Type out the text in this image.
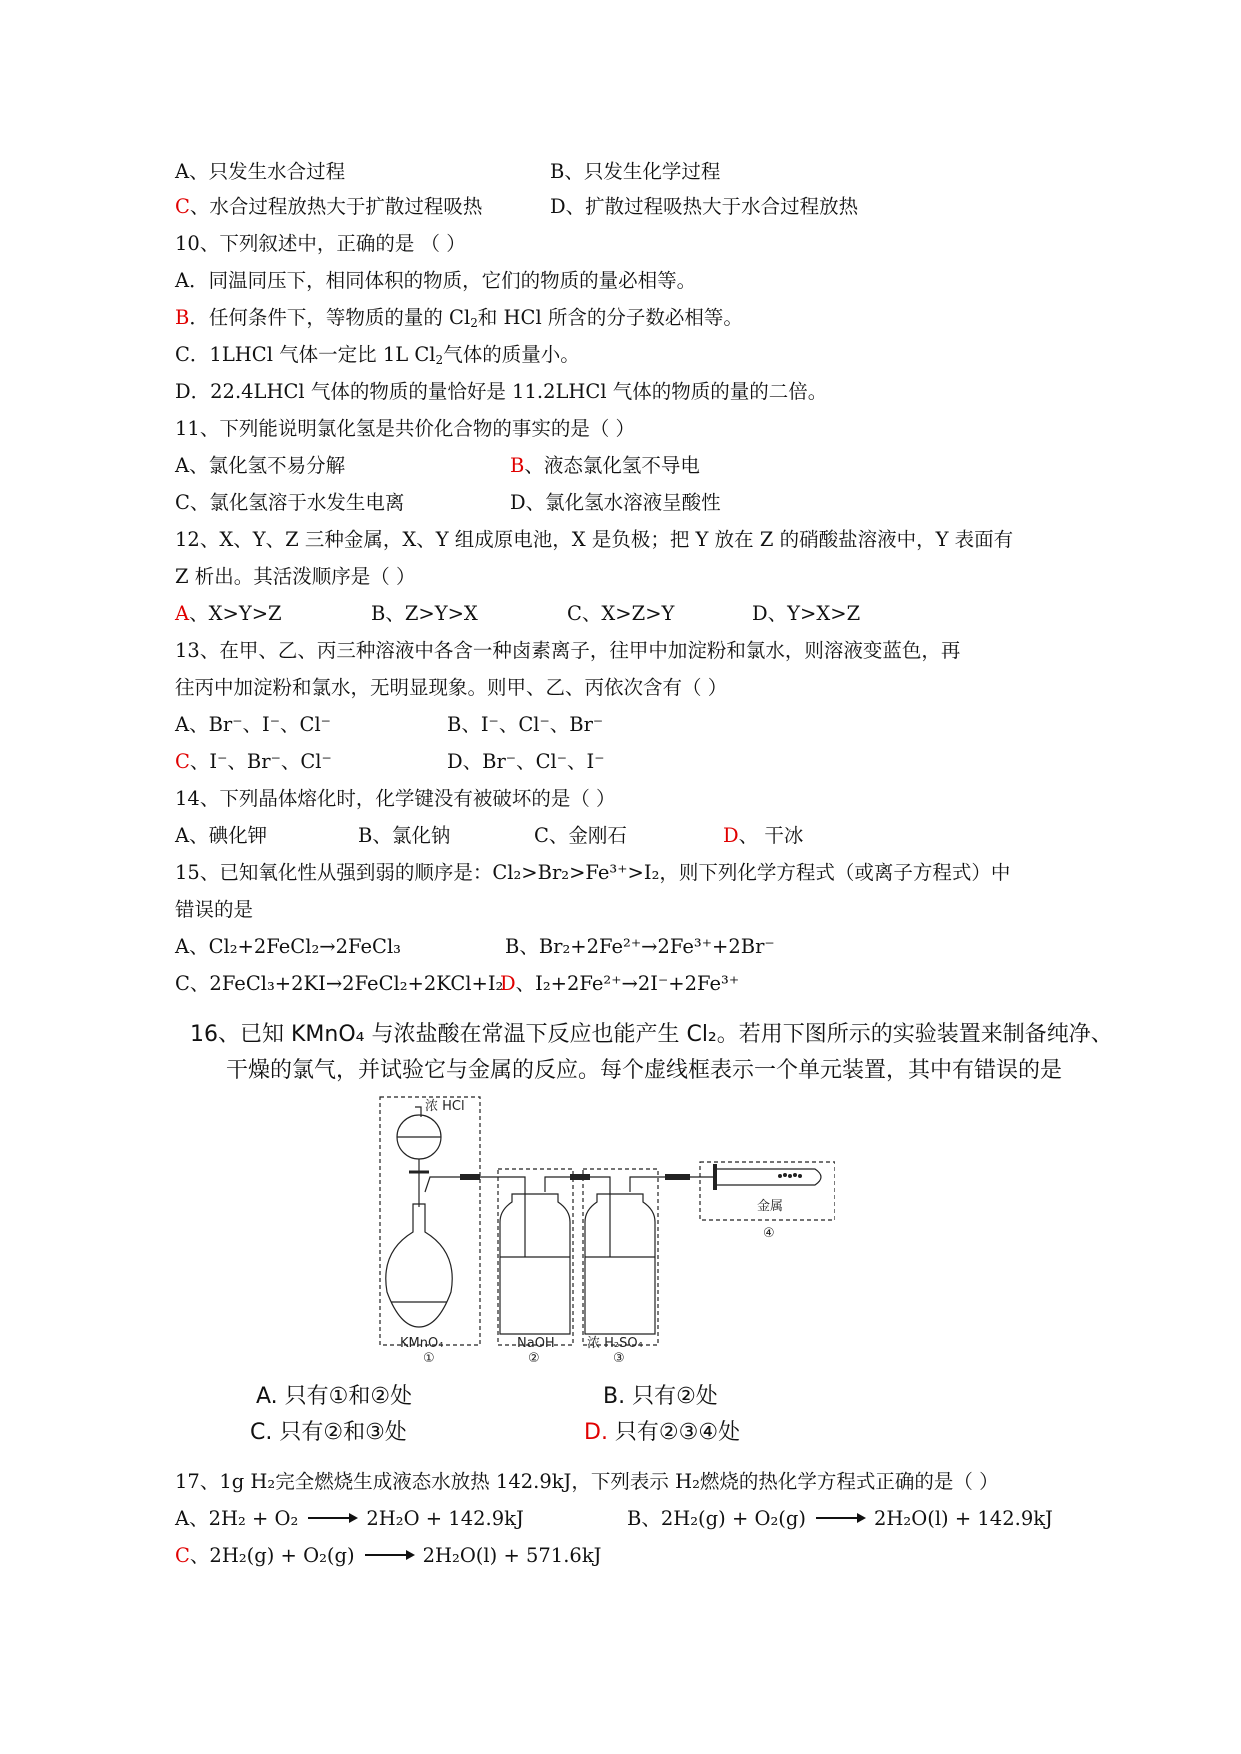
A、只发生水合过程	B、只发生化学过程
C、水合过程放热大于扩散过程吸热	D、扩散过程吸热大于水合过程放热
10、下列叙述中，正确的是 （ ）
A．同温同压下，相同体积的物质，它们的物质的量必相等。
B．任何条件下，等物质的量的 $Cl_2$和 HCl 所含的分子数必相等。
C．1LHCl 气体一定比 1L $Cl_2$气体的质量小。
D．22.4LHCl 气体的物质的量恰好是 11.2LHCl 气体的物质的量的二倍。
11、下列能说明氯化氢是共价化合物的事实的是（ ）
A、氯化氢不易分解	B、液态氯化氢不导电
C、氯化氢溶于水发生电离	D、氯化氢水溶液呈酸性
12、X、Y、Z 三种金属，X、Y 组成原电池，X 是负极；把 Y 放在 Z 的硝酸盐溶液中，Y 表面有
Z 析出。其活泼顺序是（ ）
A、X>Y>Z	B、Z>Y>X	C、X>Z>Y	D、Y>X>Z
13、在甲、乙、丙三种溶液中各含一种卤素离子，往甲中加淀粉和氯水，则溶液变蓝色，再
往丙中加淀粉和氯水，无明显现象。则甲、乙、丙依次含有（ ）
A、Br⁻、I⁻、Cl⁻	B、I⁻、Cl⁻、Br⁻
C、I⁻、Br⁻、Cl⁻	D、Br⁻、Cl⁻、I⁻
14、下列晶体熔化时，化学键没有被破坏的是（ ）
A、碘化钾	B、氯化钠	C、金刚石	D、 干冰
15、已知氧化性从强到弱的顺序是：Cl₂>Br₂>Fe³⁺>I₂，则下列化学方程式（或离子方程式）中
错误的是
A、Cl₂+2FeCl₂→2FeCl₃	B、Br₂+2Fe²⁺→2Fe³⁺+2Br⁻
C、2FeCl₃+2KI→2FeCl₂+2KCl+I₂D、I₂+2Fe²⁺→2I⁻+2Fe³⁺
16、已知 KMnO₄ 与浓盐酸在常温下反应也能产生 Cl₂。若用下图所示的实验装置来制备纯净、
干燥的氯气，并试验它与金属的反应。每个虚线框表示一个单元装置，其中有错误的是
浓 HCl
KMnO₄	NaOH 浓 H₂SO₄
金属
①	②	③
④
A. 只有①和②处	B. 只有②处
C. 只有②和③处	D. 只有②③④处
17、1g H₂完全燃烧生成液态水放热 142.9kJ，下列表示 H₂燃烧的热化学方程式正确的是（ ）
A、2H₂ + O₂	2H₂O + 142.9kJ	B、2H₂(g) + O₂(g)	2H₂O(l) + 142.9kJ
C、2H₂(g) + O₂(g)	2H₂O(l) + 571.6kJ
